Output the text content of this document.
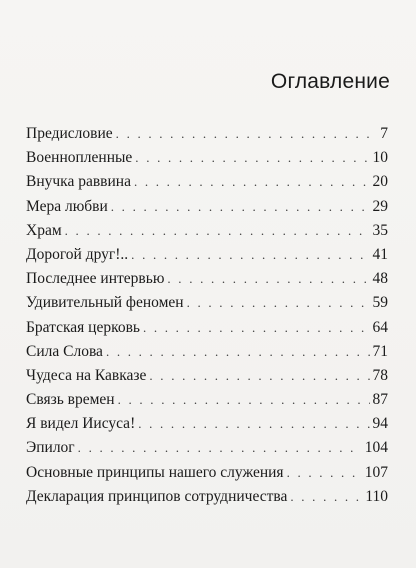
Оглавление
Предисловие . . .	7
Военнопленные . . .	10
Внучка раввина . . .	20
Мера любви . . .	29
Храм . . .	35
Дорогой друг!.. . . .	41
Последнее интервью . . .	48
Удивительный феномен . . .	59
Братская церковь . . .	64
Сила Слова . . .	71
Чудеса на Кавказе . . .	78
Связь времен . . .	87
Я видел Иисуса! . . .	94
Эпилог . . .	104
Основные принципы нашего служения . . .	107
Декларация принципов сотрудничества . . .	110
